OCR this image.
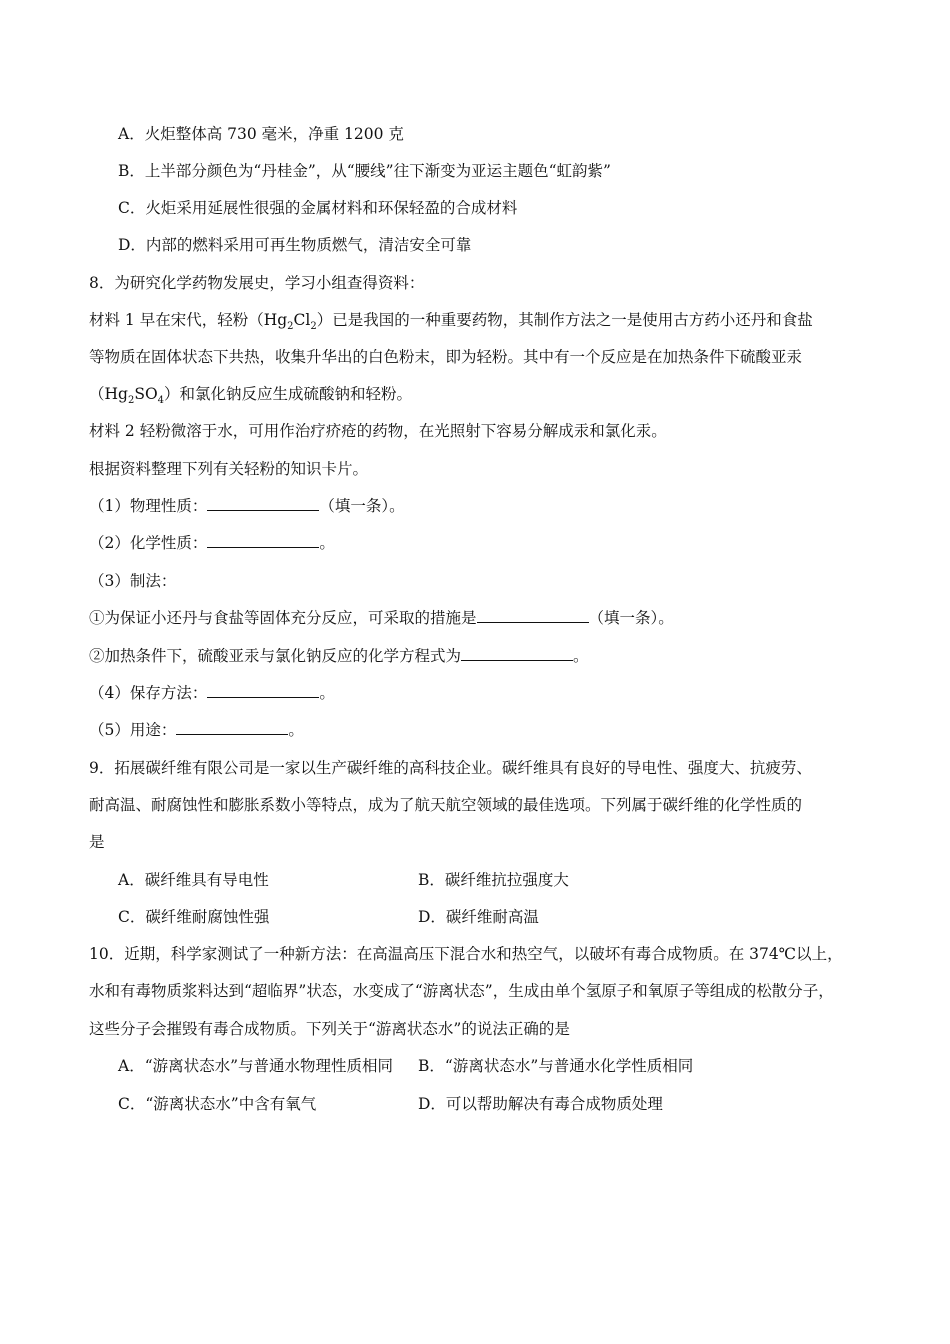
A．火炬整体高 730 毫米，净重 1200 克
B．上半部分颜色为“丹桂金”，从“腰线”往下渐变为亚运主题色“虹韵紫”
C．火炬采用延展性很强的金属材料和环保轻盈的合成材料
D．内部的燃料采用可再生物质燃气，清洁安全可靠
8．为研究化学药物发展史，学习小组查得资料：
材料 1 早在宋代，轻粉$(Hg_2Cl_2)$已是我国的一种重要药物，其制作方法之一是使用古方药小还丹和食盐
等物质在固体状态下共热，收集升华出的白色粉末，即为轻粉。其中有一个反应是在加热条件下硫酸亚汞
$(Hg_2SO_4)$和氯化钠反应生成硫酸钠和轻粉。
材料 2 轻粉微溶于水，可用作治疗疥疮的药物，在光照射下容易分解成汞和氯化汞。
根据资料整理下列有关轻粉的知识卡片。
（1）物理性质：	（填一条）。
（2）化学性质：	。
（3）制法：
①为保证小还丹与食盐等固体充分反应，可采取的措施是	（填一条）。
②加热条件下，硫酸亚汞与氯化钠反应的化学方程式为	。
（4）保存方法：	。
（5）用途：	。
9．拓展碳纤维有限公司是一家以生产碳纤维的高科技企业。碳纤维具有良好的导电性、强度大、抗疲劳、
耐高温、耐腐蚀性和膨胀系数小等特点，成为了航天航空领域的最佳选项。下列属于碳纤维的化学性质的
是
A．碳纤维具有导电性	B．碳纤维抗拉强度大
C．碳纤维耐腐蚀性强	D．碳纤维耐高温
10．近期，科学家测试了一种新方法：在高温高压下混合水和热空气，以破坏有毒合成物质。在 374℃以上，
水和有毒物质浆料达到“超临界”状态，水变成了“游离状态”，生成由单个氢原子和氧原子等组成的松散分子，
这些分子会摧毁有毒合成物质。下列关于“游离状态水”的说法正确的是
A．“游离状态水”与普通水物理性质相同 B．“游离状态水”与普通水化学性质相同
C．“游离状态水”中含有氧气	D．可以帮助解决有毒合成物质处理
